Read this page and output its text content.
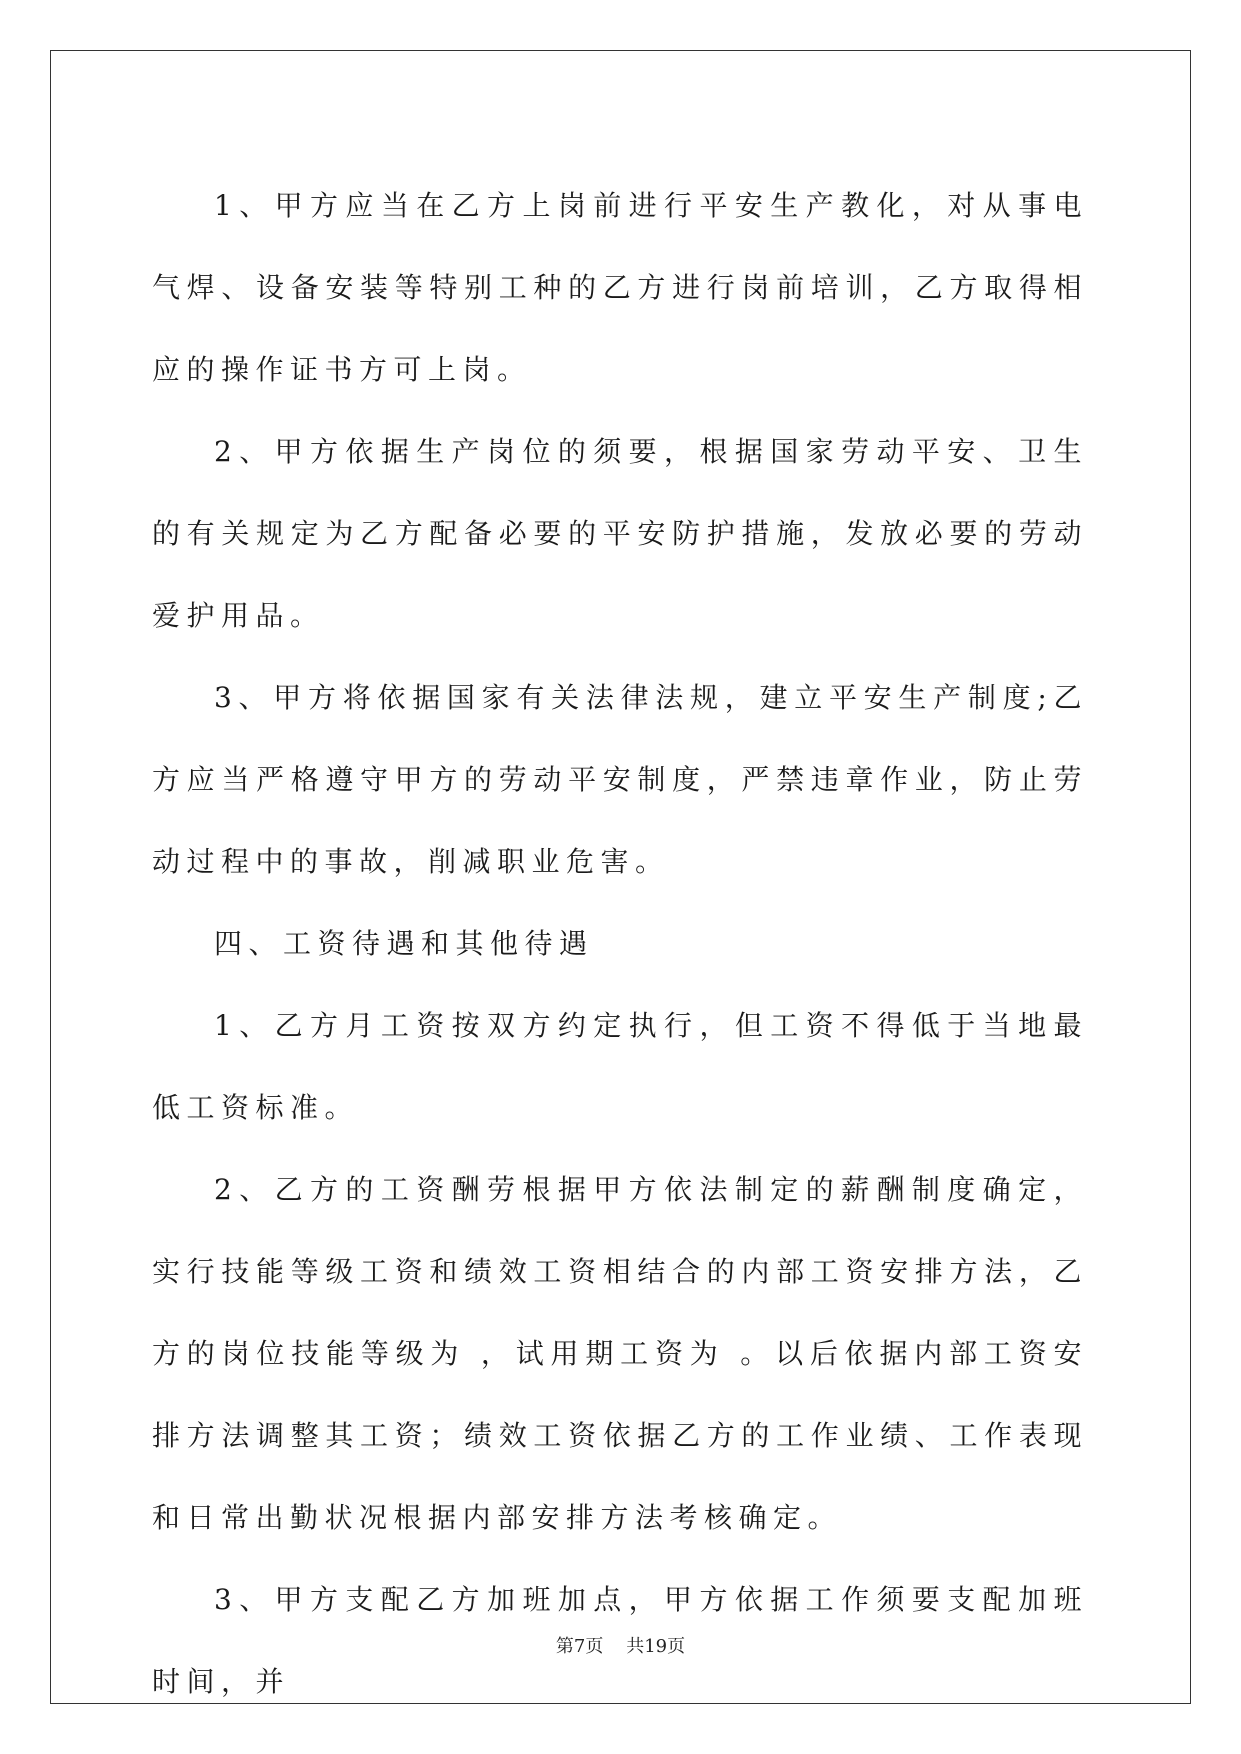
1、甲方应当在乙方上岗前进行平安生产教化，对从事电气焊、设备安装等特别工种的乙方进行岗前培训，乙方取得相应的操作证书方可上岗。

2、甲方依据生产岗位的须要，根据国家劳动平安、卫生的有关规定为乙方配备必要的平安防护措施，发放必要的劳动爱护用品。

3、甲方将依据国家有关法律法规，建立平安生产制度;乙方应当严格遵守甲方的劳动平安制度，严禁违章作业，防止劳动过程中的事故，削减职业危害。

四、工资待遇和其他待遇

1、乙方月工资按双方约定执行，但工资不得低于当地最低工资标准。

2、乙方的工资酬劳根据甲方依法制定的薪酬制度确定，实行技能等级工资和绩效工资相结合的内部工资安排方法，乙方的岗位技能等级为 ，试用期工资为 。以后依据内部工资安排方法调整其工资；绩效工资依据乙方的工作业绩、工作表现和日常出勤状况根据内部安排方法考核确定。

3、甲方支配乙方加班加点，甲方依据工作须要支配加班时间，并

第7页    共19页
